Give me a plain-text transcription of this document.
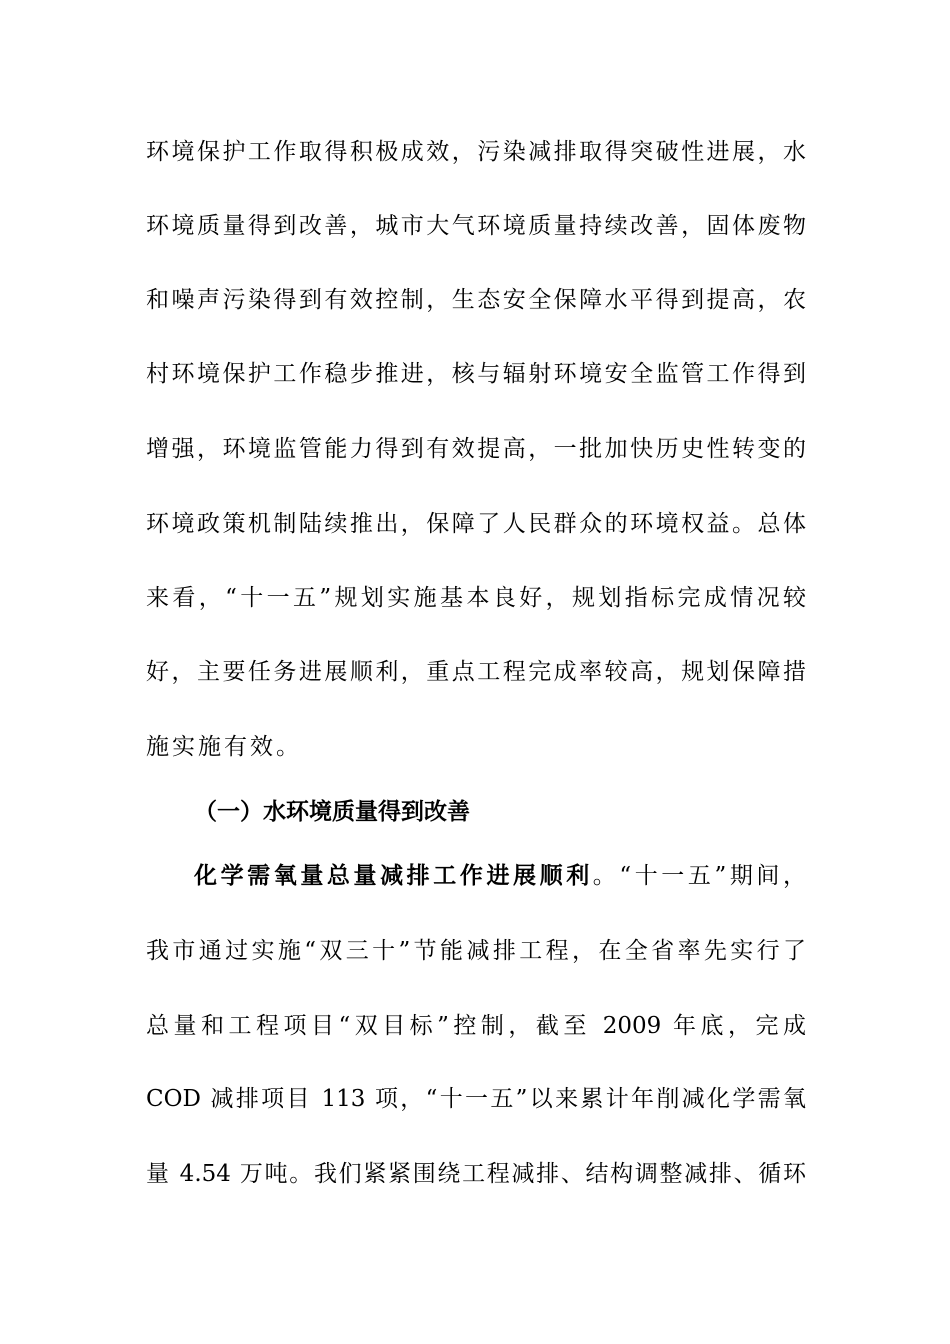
环境保护工作取得积极成效，污染减排取得突破性进展，水
环境质量得到改善，城市大气环境质量持续改善，固体废物
和噪声污染得到有效控制，生态安全保障水平得到提高，农
村环境保护工作稳步推进，核与辐射环境安全监管工作得到
增强，环境监管能力得到有效提高，一批加快历史性转变的
环境政策机制陆续推出，保障了人民群众的环境权益。总体
来看，“十一五”规划实施基本良好，规划指标完成情况较
好，主要任务进展顺利，重点工程完成率较高，规划保障措
施实施有效。
（一）水环境质量得到改善
化学需氧量总量减排工作进展顺利。“十一五”期间，
我市通过实施“双三十”节能减排工程，在全省率先实行了
总量和工程项目“双目标”控制，截至 2009 年底，完成
COD 减排项目 113 项，“十一五”以来累计年削减化学需氧
量 4.54 万吨。我们紧紧围绕工程减排、结构调整减排、循环
